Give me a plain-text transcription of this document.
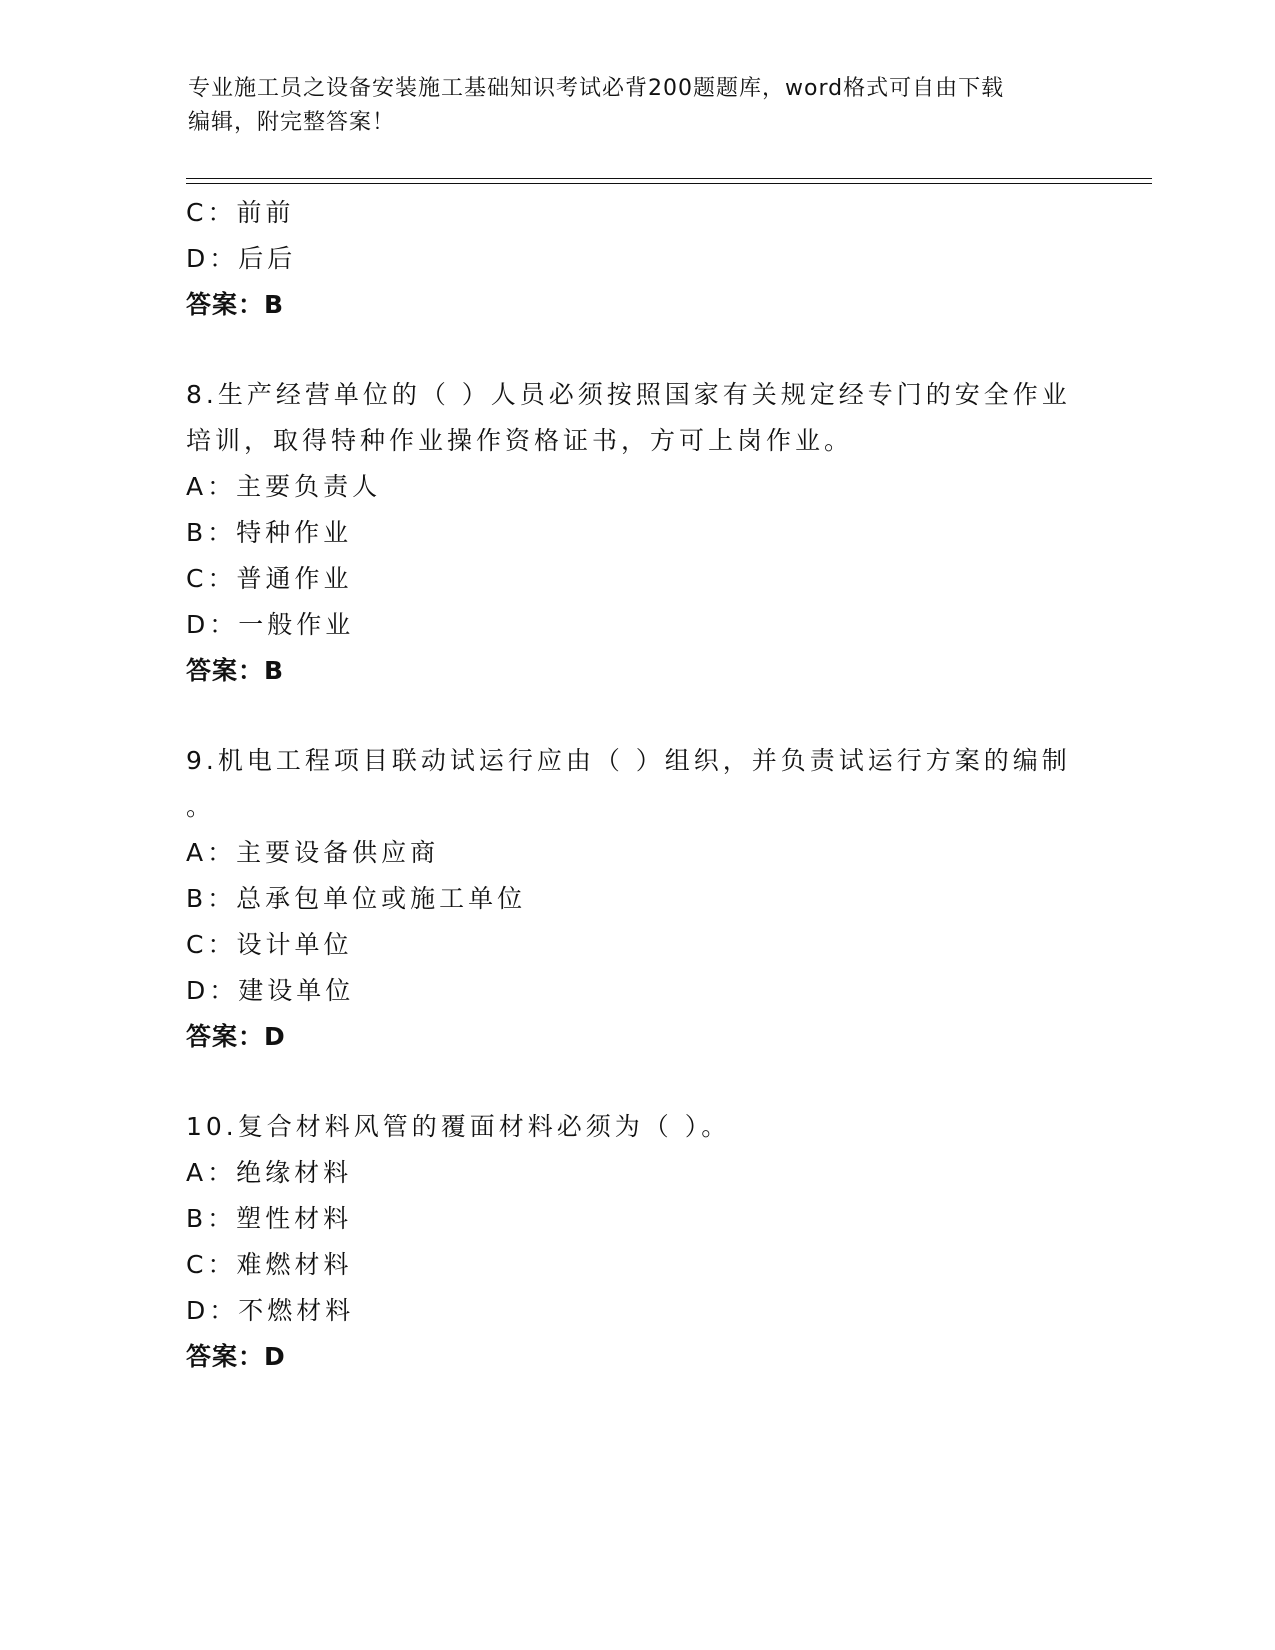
专业施工员之设备安装施工基础知识考试必背200题题库，word格式可自由下载
编辑，附完整答案！
C：前前
D：后后
答案：B
8.生产经营单位的（ ）人员必须按照国家有关规定经专门的安全作业
培训，取得特种作业操作资格证书，方可上岗作业。
A：主要负责人
B：特种作业
C：普通作业
D：一般作业
答案：B
9.机电工程项目联动试运行应由（ ）组织，并负责试运行方案的编制
。
A：主要设备供应商
B：总承包单位或施工单位
C：设计单位
D：建设单位
答案：D
10.复合材料风管的覆面材料必须为（ ）。
A：绝缘材料
B：塑性材料
C：难燃材料
D：不燃材料
答案：D
